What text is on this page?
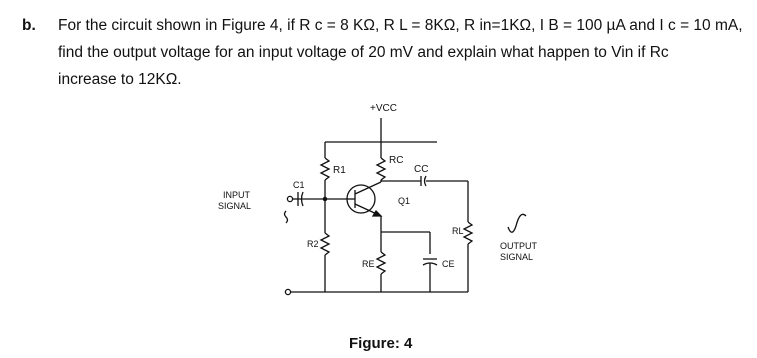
b. For the circuit shown in Figure 4, if R c = 8 KΩ, R L = 8KΩ, R in=1KΩ, I B = 100 µA and I c = 10 mA,
find the output voltage for an input voltage of 20 mV and explain what happen to Vin if Rc
increase to 12KΩ.
+VCC
RC
CC
R1
C1
Q1
INPUT
SIGNAL
R2
RE	CE
RL
OUTPUT
SIGNAL
Figure: 4
